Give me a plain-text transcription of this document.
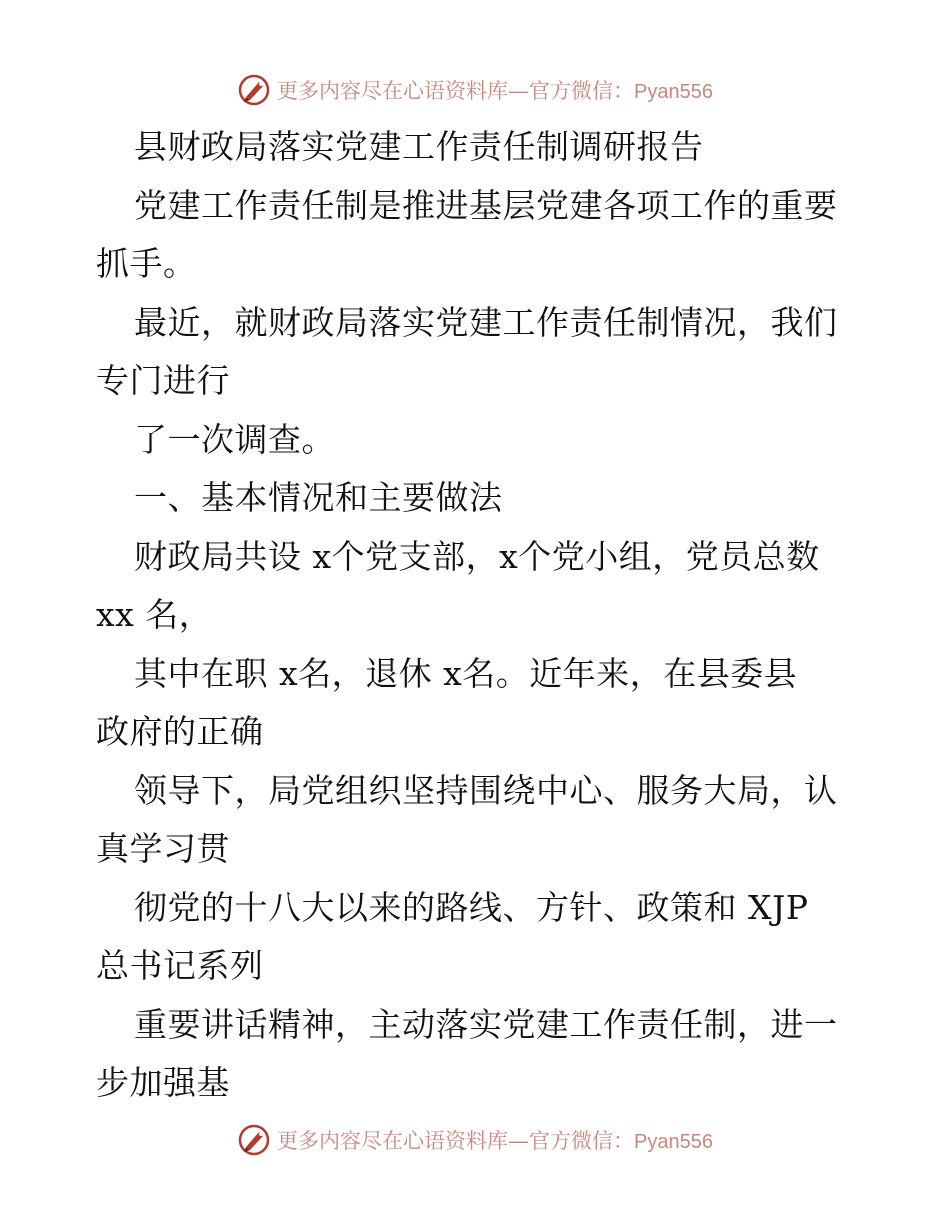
更多内容尽在心语资料库—官方微信：Pyan556
县财政局落实党建工作责任制调研报告
党建工作责任制是推进基层党建各项工作的重要
抓手。
最近，就财政局落实党建工作责任制情况，我们
专门进行
了一次调查。
一、基本情况和主要做法
财政局共设 x个党支部，x个党小组，党员总数
xx 名，
其中在职 x名，退休 x名。近年来，在县委县
政府的正确
领导下，局党组织坚持围绕中心、服务大局，认
真学习贯
彻党的十八大以来的路线、方针、政策和 XJP
总书记系列
重要讲话精神，主动落实党建工作责任制，进一
步加强基
更多内容尽在心语资料库—官方微信：Pyan556
